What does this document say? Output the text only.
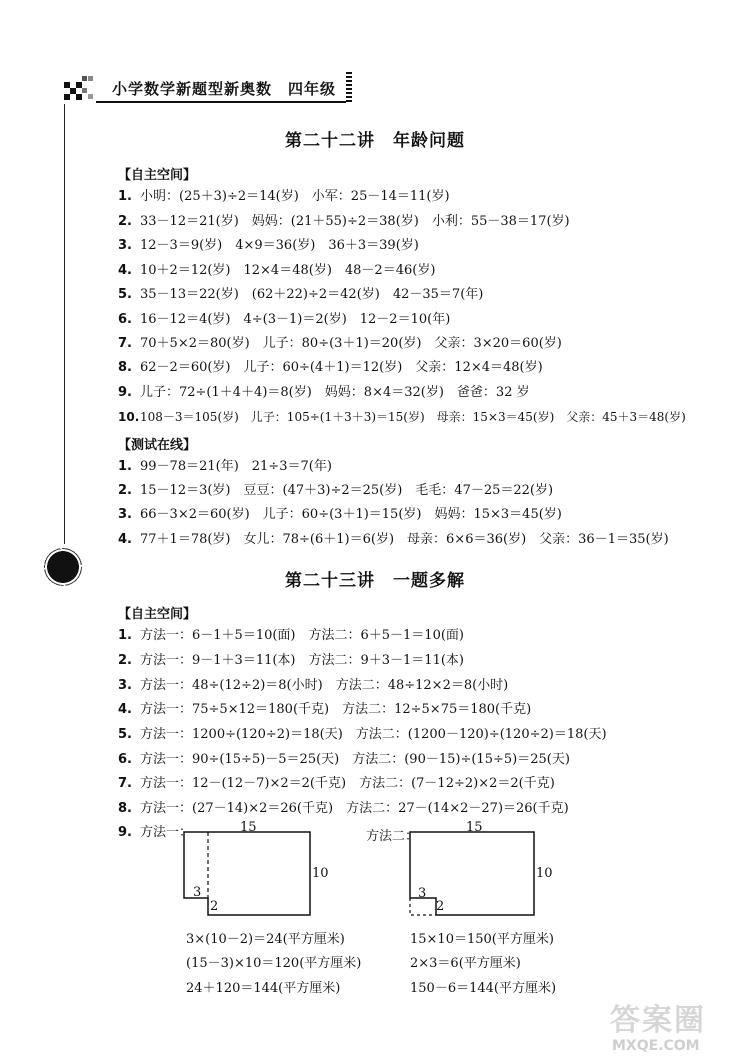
小学数学新题型新奥数　四年级
第二十二讲　年龄问题
【自主空间】
1. 小明：(25＋3)÷2＝14(岁)　小军：25－14＝11(岁)
2. 33－12＝21(岁)　妈妈：(21＋55)÷2＝38(岁)　小利：55－38＝17(岁)
3. 12－3＝9(岁)　4×9＝36(岁)　36＋3＝39(岁)
4. 10＋2＝12(岁)　12×4＝48(岁)　48－2＝46(岁)
5. 35－13＝22(岁)　(62＋22)÷2＝42(岁)　42－35＝7(年)
6. 16－12＝4(岁)　4÷(3－1)＝2(岁)　12－2＝10(年)
7. 70＋5×2＝80(岁)　儿子：80÷(3＋1)＝20(岁)　父亲：3×20＝60(岁)
8. 62－2＝60(岁)　儿子：60÷(4＋1)＝12(岁)　父亲：12×4＝48(岁)
9. 儿子：72÷(1＋4＋4)＝8(岁)　妈妈：8×4＝32(岁)　爸爸：32 岁
10.108－3＝105(岁)　儿子：105÷(1＋3＋3)＝15(岁)　母亲：15×3＝45(岁)　父亲：45＋3＝48(岁)
【测试在线】
1. 99－78＝21(年)　21÷3＝7(年)
2. 15－12＝3(岁)　豆豆：(47＋3)÷2＝25(岁)　毛毛：47－25＝22(岁)
3. 66－3×2＝60(岁)　儿子：60÷(3＋1)＝15(岁)　妈妈：15×3＝45(岁)
4. 77＋1＝78(岁)　女儿：78÷(6＋1)＝6(岁)　母亲：6×6＝36(岁)　父亲：36－1＝35(岁)
第二十三讲　一题多解
【自主空间】
1. 方法一：6－1＋5＝10(面)　方法二：6＋5－1＝10(面)
2. 方法一：9－1＋3＝11(本)　方法二：9＋3－1＝11(本)
3. 方法一：48÷(12÷2)＝8(小时)　方法二：48÷12×2＝8(小时)
4. 方法一：75÷5×12＝180(千克)　方法二：12÷5×75＝180(千克)
5. 方法一：1200÷(120÷2)＝18(天)　方法二：(1200－120)÷(120÷2)＝18(天)
6. 方法一：90÷(15÷5)－5＝25(天)　方法二：(90－15)÷(15÷5)＝25(天)
7. 方法一：12－(12－7)×2＝2(千克)　方法二：(7－12÷2)×2＝2(千克)
8. 方法一：(27－14)×2＝26(千克)　方法二：27－(14×2－27)＝26(千克)
9. 方法一：	方法二：
15
10
3
2
15
10
3
2
3×(10－2)＝24(平方厘米)
(15－3)×10＝120(平方厘米)
24＋120＝144(平方厘米)
15×10＝150(平方厘米)
2×3＝6(平方厘米)
150－6＝144(平方厘米)
答案圈
MXQE.COM
